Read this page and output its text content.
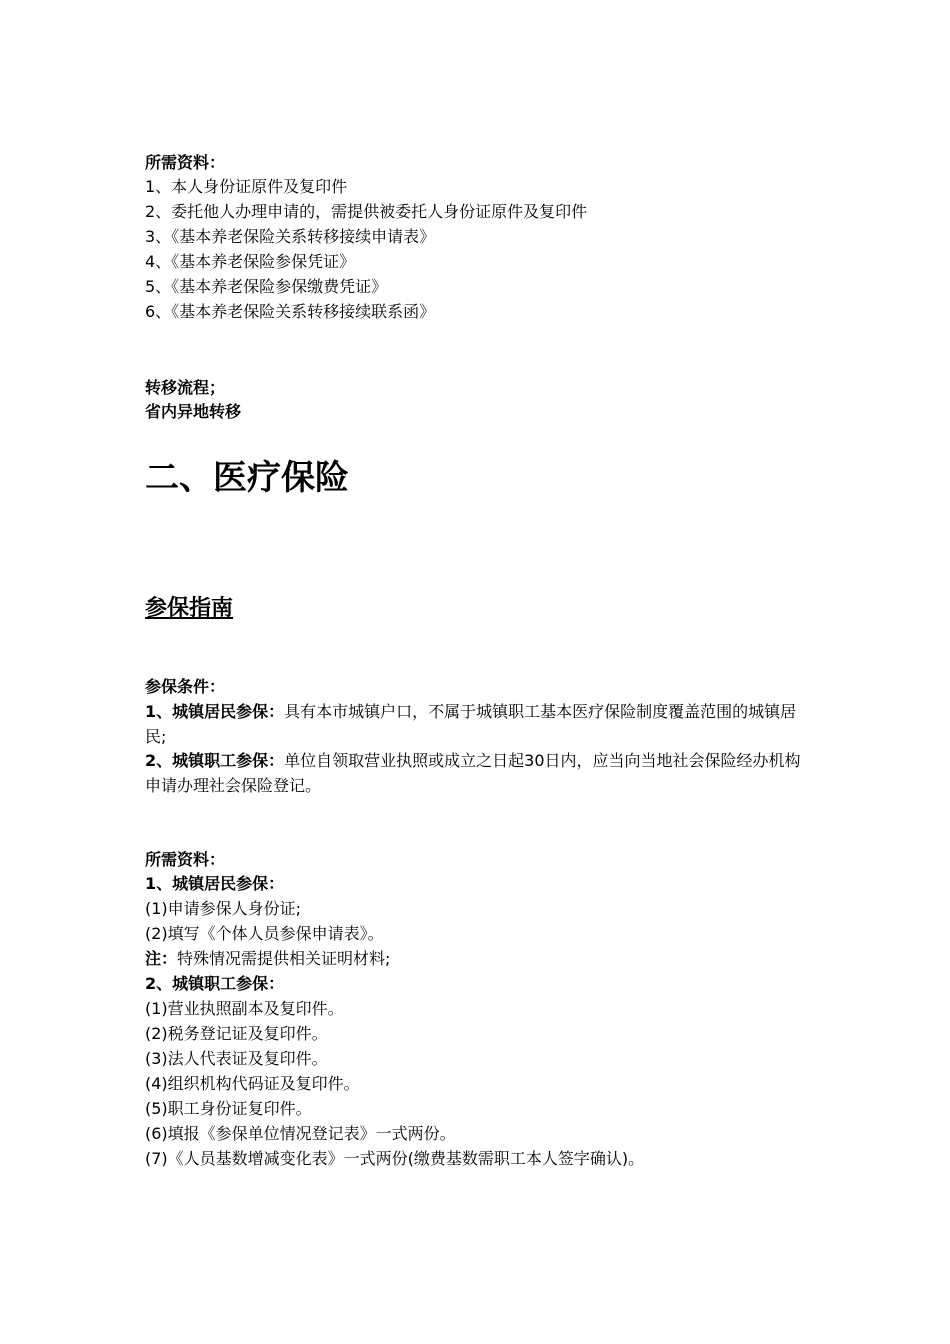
所需资料：
1、本人身份证原件及复印件
2、委托他人办理申请的，需提供被委托人身份证原件及复印件
3、《基本养老保险关系转移接续申请表》
4、《基本养老保险参保凭证》
5、《基本养老保险参保缴费凭证》
6、《基本养老保险关系转移接续联系函》
转移流程；
省内异地转移
二、医疗保险
参保指南
参保条件：
1、城镇居民参保：具有本市城镇户口，不属于城镇职工基本医疗保险制度覆盖范围的城镇居民;
2、城镇职工参保：单位自领取营业执照或成立之日起30日内，应当向当地社会保险经办机构申请办理社会保险登记。
所需资料：
1、城镇居民参保：
(1)申请参保人身份证;
(2)填写《个体人员参保申请表》。
注：特殊情况需提供相关证明材料;
2、城镇职工参保：
(1)营业执照副本及复印件。
(2)税务登记证及复印件。
(3)法人代表证及复印件。
(4)组织机构代码证及复印件。
(5)职工身份证复印件。
(6)填报《参保单位情况登记表》一式两份。
(7)《人员基数增减变化表》一式两份(缴费基数需职工本人签字确认)。
